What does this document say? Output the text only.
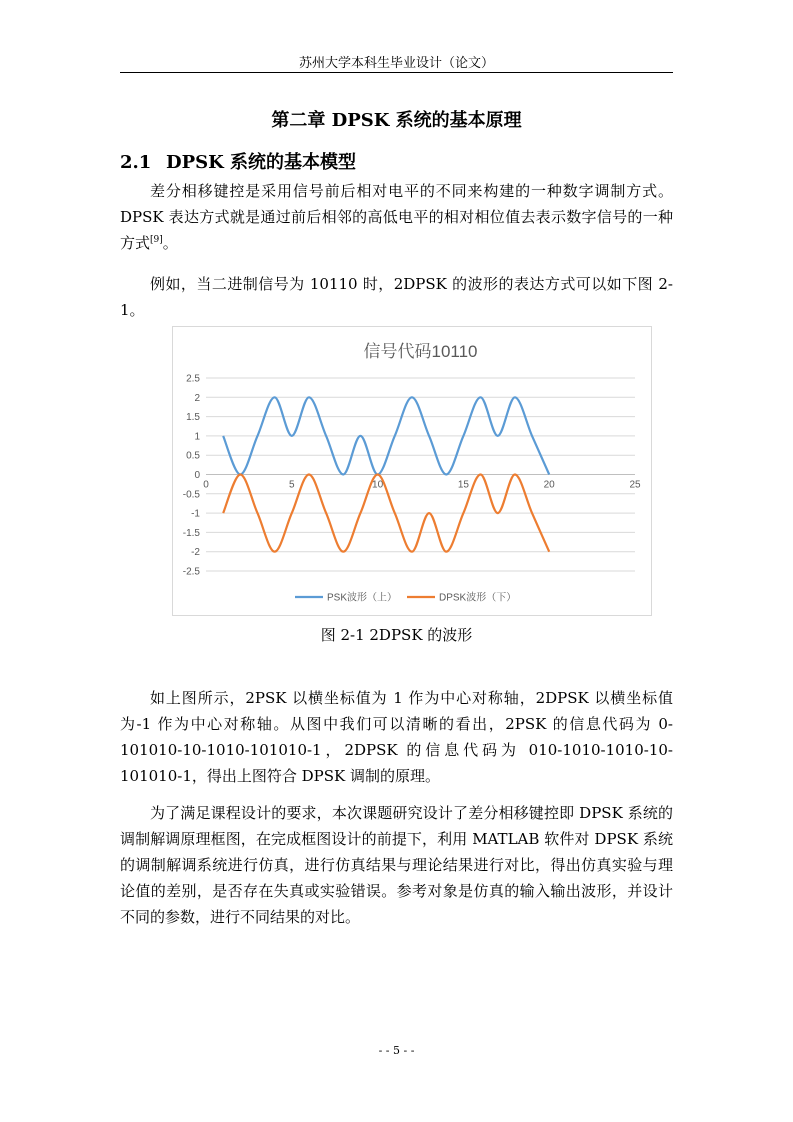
苏州大学本科生毕业设计（论文）
第二章 DPSK 系统的基本原理
2.1 DPSK 系统的基本模型
差分相移键控是采用信号前后相对电平的不同来构建的一种数字调制方式。DPSK 表达方式就是通过前后相邻的高低电平的相对相位值去表示数字信号的一种方式[9]。
例如，当二进制信号为 10110 时，2DPSK 的波形的表达方式可以如下图 2-1。
信号代码10110
2.5
2
1.5
1
0.5
0
-0.5
-1
-1.5
-2
-2.5
0	5	10	15	20	25
PSK波形（上）	DPSK波形（下）
图 2-1 2DPSK 的波形
如上图所示，2PSK 以横坐标值为 1 作为中心对称轴，2DPSK 以横坐标值为-1 作为中心对称轴。从图中我们可以清晰的看出，2PSK 的信息代码为 0-101010-10-1010-101010-1，2DPSK 的信息代码为 010-1010-1010-10-101010-1，得出上图符合 DPSK 调制的原理。
为了满足课程设计的要求，本次课题研究设计了差分相移键控即 DPSK 系统的调制解调原理框图，在完成框图设计的前提下，利用 MATLAB 软件对 DPSK 系统的调制解调系统进行仿真，进行仿真结果与理论结果进行对比，得出仿真实验与理论值的差别，是否存在失真或实验错误。参考对象是仿真的输入输出波形，并设计不同的参数，进行不同结果的对比。
- - 5 - -
